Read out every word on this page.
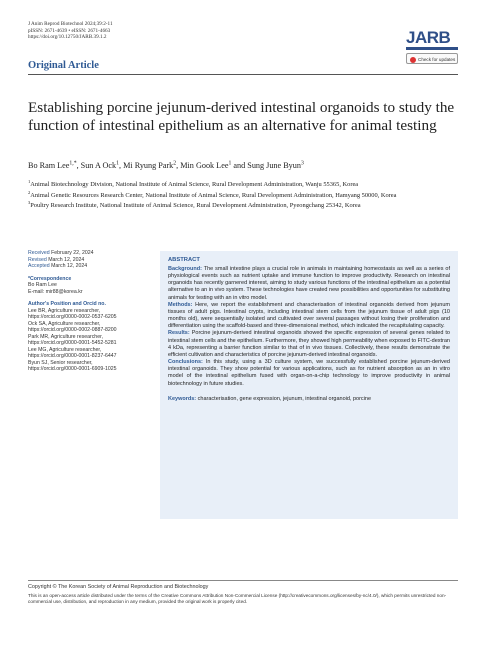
J Anim Reprod Biotechnol 2024;39:2-11
pISSN: 2671-4639 • eISSN: 2671-4663
https://doi.org/10.12750/JARB.39.1.2	JARB
Check for updates
Original Article
Establishing porcine jejunum-derived intestinal organoids to study the function of intestinal epithelium as an alternative for animal testing
Bo Ram Lee$^{1,*}$, Sun A Ock$^1$, Mi Ryung Park$^2$, Min Gook Lee$^1$ and Sung June Byun$^3$
$^1$Animal Biotechnology Division, National Institute of Animal Science, Rural Development Administration, Wanju 55365, Korea
$^2$Animal Genetic Resources Research Center, National Institute of Animal Science, Rural Development Administration, Hamyang 50000, Korea
$^3$Poultry Research Institute, National Institute of Animal Science, Rural Development Administration, Pyeongchang 25342, Korea
Received February 22, 2024
Revised March 12, 2024
Accepted March 12, 2024
*Correspondence
Bo Ram Lee
E-mail: mir88@korea.kr
Author's Position and Orcid no.
Lee BR, Agriculture researcher,
https://orcid.org/0000-0002-0537-6205
Ock SA, Agriculture researcher,
https://orcid.org/0000-0002-0887-8200
Park MR, Agriculture researcher,
https://orcid.org/0000-0001-5452-5281
Lee MG, Agriculture researcher,
https://orcid.org/0000-0001-8237-6447
Byun SJ, Senior researcher,
https://orcid.org/0000-0001-6909-1025
ABSTRACT

Background: The small intestine plays a crucial role in animals in maintaining homeostasis as well as a series of physiological events such as nutrient uptake and immune function to improve productivity. Research on intestinal organoids has recently garnered interest, aiming to study various functions of the intestinal epithelium as a potential alternative to an in vivo system. These technologies have created new possibilities and opportunities for substituting animals for testing with an in vitro model.

Methods: Here, we report the establishment and characterisation of intestinal organoids derived from jejunum tissues of adult pigs. Intestinal crypts, including intestinal stem cells from the jejunum tissue of adult pigs (10 months old), were sequentially isolated and cultivated over several passages without losing their proliferation and differentiation using the scaffold-based and three-dimensional method, which indicated the recapitulating capacity.

Results: Porcine jejunum-derived intestinal organoids showed the specific expression of several genes related to intestinal stem cells and the epithelium. Furthermore, they showed high permeability when exposed to FITC-dextran 4 kDa, representing a barrier function similar to that of in vivo tissues. Collectively, these results demonstrate the efficient cultivation and characteristics of porcine jejunum-derived intestinal organoids.

Conclusions: In this study, using a 3D culture system, we successfully established porcine jejunum-derived intestinal organoids. They show potential for various applications, such as for nutrient absorption as an in vitro model of the intestinal epithelium fused with organ-on-a-chip technology to improve productivity in animal biotechnology in future studies.

Keywords: characterisation, gene expression, jejunum, intestinal organoid, porcine
Copyright © The Korean Society of Animal Reproduction and Biotechnology
This is an open-access article distributed under the terms of the Creative Commons Attribution Non-Commercial License (http://creativecommons.org/licenses/by-nc/4.0/), which permits unrestricted non-commercial use, distribution, and reproduction in any medium, provided the original work is properly cited.
